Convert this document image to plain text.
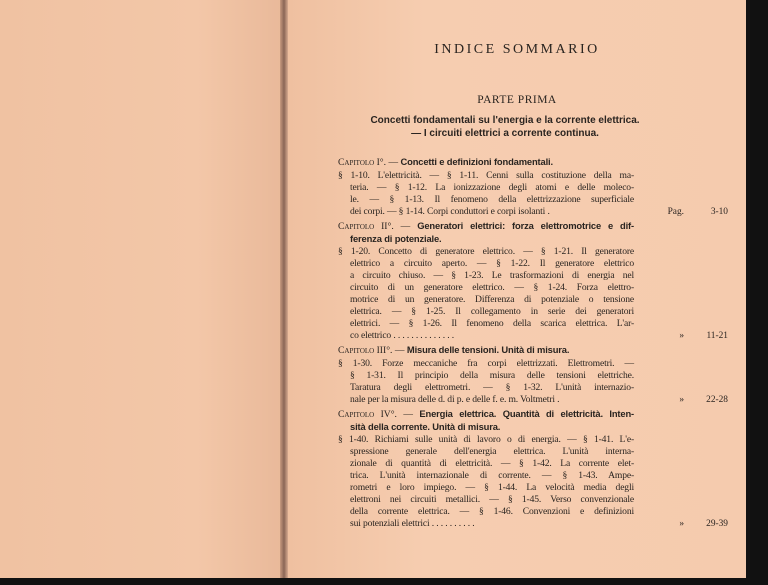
INDICE SOMMARIO
PARTE PRIMA
Concetti fondamentali su l'energia e la corrente elettrica.
— I circuiti elettrici a corrente continua.
Capitolo I°. — Concetti e definizioni fondamentali.
§ 1-10. L'elettricità. — § 1-11. Cenni sulla costituzione della ma-
teria. — § 1-12. La ionizzazione degli atomi e delle moleco-
le. — § 1-13. Il fenomeno della elettrizzazione superficiale
dei corpi. — § 1-14. Corpi conduttori e corpi isolanti .	Pag.	3-10
Capitolo II°. — Generatori elettrici: forza elettromotrice e dif-
ferenza di potenziale.
§ 1-20. Concetto di generatore elettrico. — § 1-21. Il generatore
elettrico a circuito aperto. — § 1-22. Il generatore elettrico
a circuito chiuso. — § 1-23. Le trasformazioni di energia nel
circuito di un generatore elettrico. — § 1-24. Forza elettro-
motrice di un generatore. Differenza di potenziale o tensione
elettrica. — § 1-25. Il collegamento in serie dei generatori
elettrici. — § 1-26. Il fenomeno della scarica elettrica. L'ar-
co elettrico . . . . . . . . . . . . . .	» 11-21
Capitolo III°. — Misura delle tensioni. Unità di misura.
§ 1-30. Forze meccaniche fra corpi elettrizzati. Elettrometri. —
§ 1-31. Il principio della misura delle tensioni elettriche.
Taratura degli elettrometri. — § 1-32. L'unità internazio-
nale per la misura delle d. di p. e delle f. e. m. Voltmetri .	» 22-28
Capitolo IV°. — Energia elettrica. Quantità di elettricità. Inten-
sità della corrente. Unità di misura.
§ 1-40. Richiami sulle unità di lavoro o di energia. — § 1-41. L'e-
spressione generale dell'energia elettrica. L'unità interna-
zionale di quantità di elettricità. — § 1-42. La corrente elet-
trica. L'unità internazionale di corrente. — § 1-43. Ampe-
rometri e loro impiego. — § 1-44. La velocità media degli
elettroni nei circuiti metallici. — § 1-45. Verso convenzionale
della corrente elettrica. — § 1-46. Convenzioni e definizioni
sui potenziali elettrici . . . . . . . . . .	» 29-39
